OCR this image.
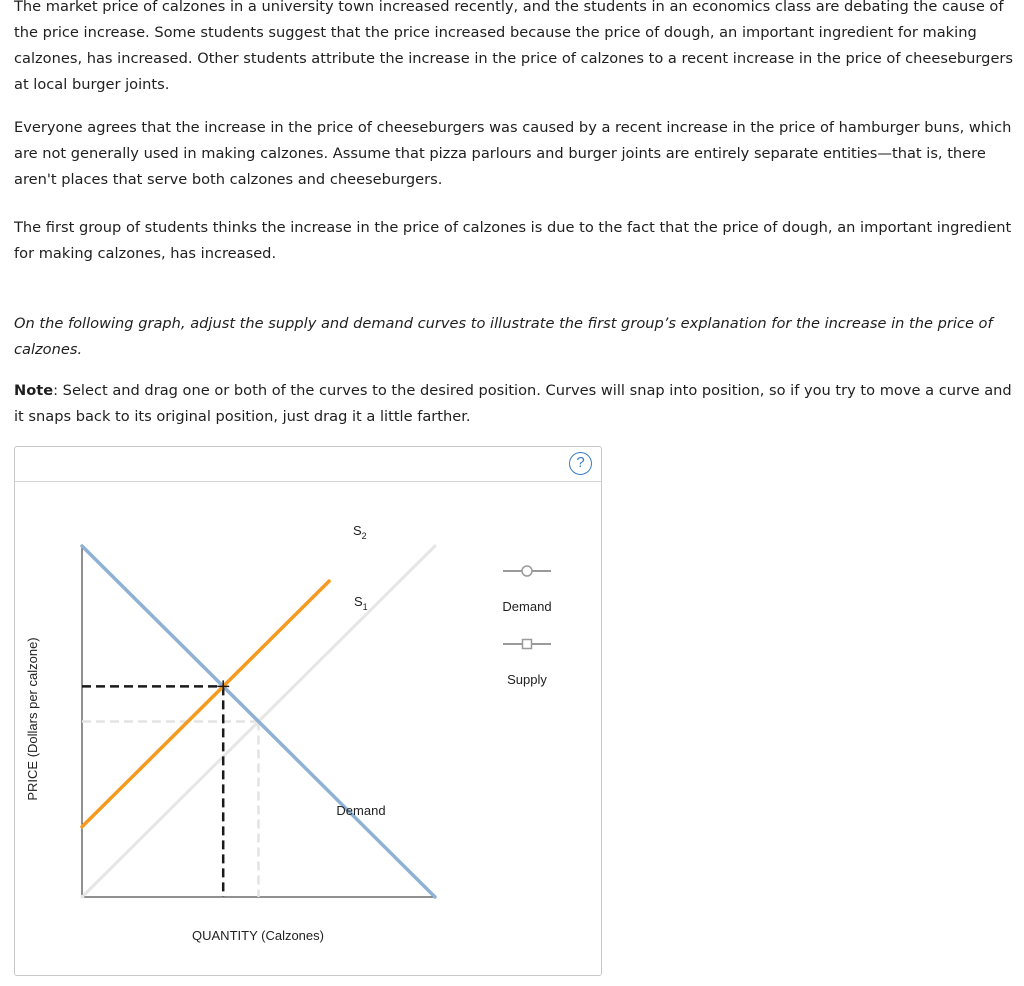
The market price of calzones in a university town increased recently, and the students in an economics class are debating the cause of the price increase. Some students suggest that the price increased because the price of dough, an important ingredient for making calzones, has increased. Other students attribute the increase in the price of calzones to a recent increase in the price of cheeseburgers at local burger joints.

Everyone agrees that the increase in the price of cheeseburgers was caused by a recent increase in the price of hamburger buns, which are not generally used in making calzones. Assume that pizza parlours and burger joints are entirely separate entities—that is, there aren't places that serve both calzones and cheeseburgers.

The first group of students thinks the increase in the price of calzones is due to the fact that the price of dough, an important ingredient for making calzones, has increased.

On the following graph, adjust the supply and demand curves to illustrate the first group’s explanation for the increase in the price of calzones.

Note: Select and drag one or both of the curves to the desired position. Curves will snap into position, so if you try to move a curve and it snaps back to its original position, just drag it a little farther.

?
PRICE (Dollars per calzone)
QUANTITY (Calzones)
Demand
$S_2$
$S_1$	Demand
Supply
